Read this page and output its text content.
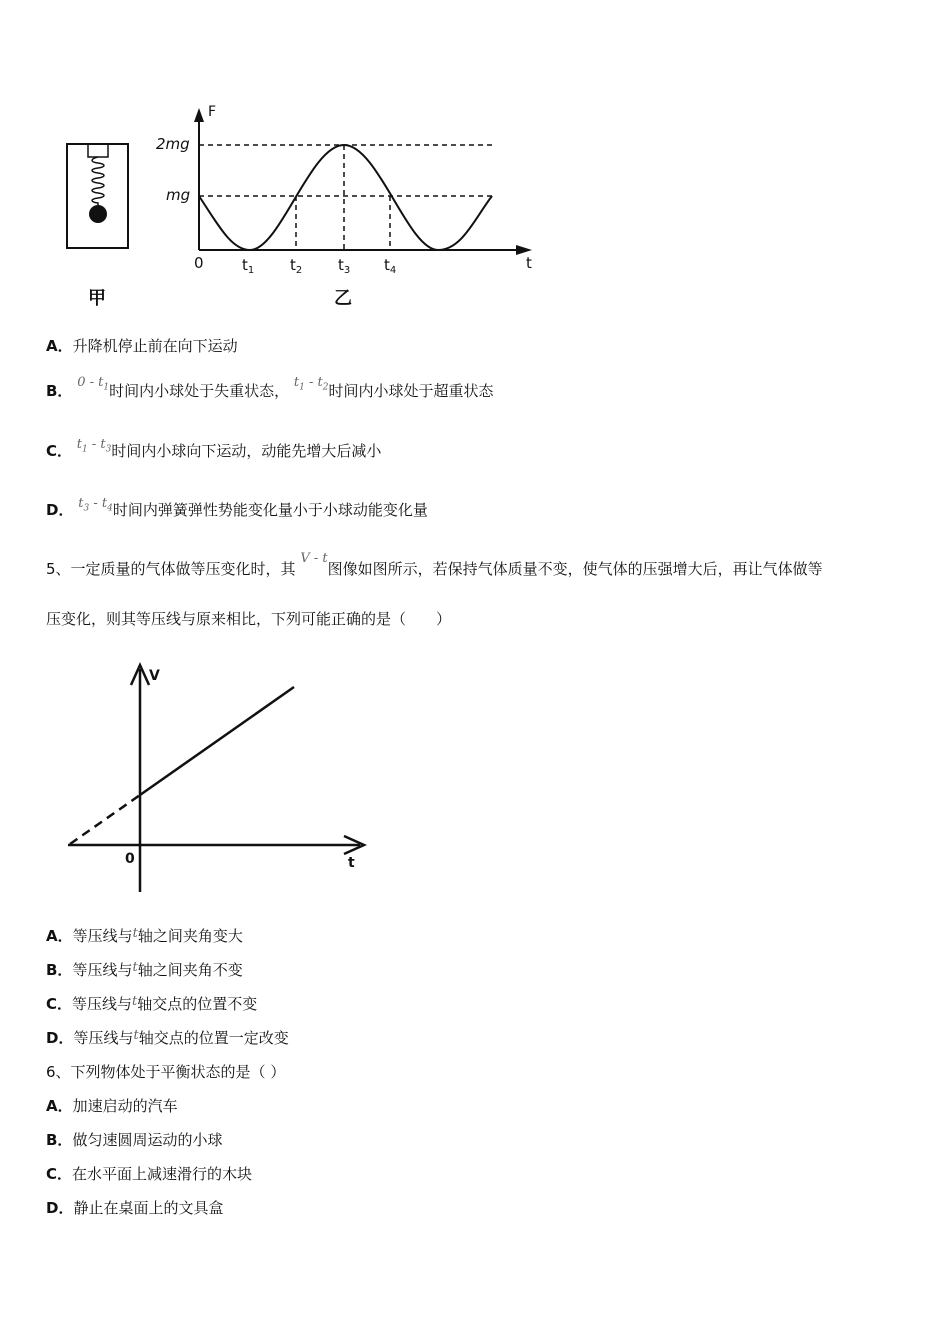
甲
F
2mg
mg
0	$t_1$ $t_2$ $t_3$ $t_4$	t
乙
A．升降机停止前在向下运动
B． $0 - t_1$时间内小球处于失重状态， $t_1 - t_2$时间内小球处于超重状态
C． $t_1 - t_3$时间内小球向下运动，动能先增大后减小
D． $t_3 - t_4$时间内弹簧弹性势能变化量小于小球动能变化量
5、一定质量的气体做等压变化时，其 V - t图像如图所示，若保持气体质量不变，使气体的压强增大后，再让气体做等
压变化，则其等压线与原来相比，下列可能正确的是（　　）
V
t
0
A．等压线与t轴之间夹角变大
B．等压线与t轴之间夹角不变
C．等压线与t轴交点的位置不变
D．等压线与t轴交点的位置一定改变
6、下列物体处于平衡状态的是（ ）
A．加速启动的汽车
B．做匀速圆周运动的小球
C．在水平面上减速滑行的木块
D．静止在桌面上的文具盒
